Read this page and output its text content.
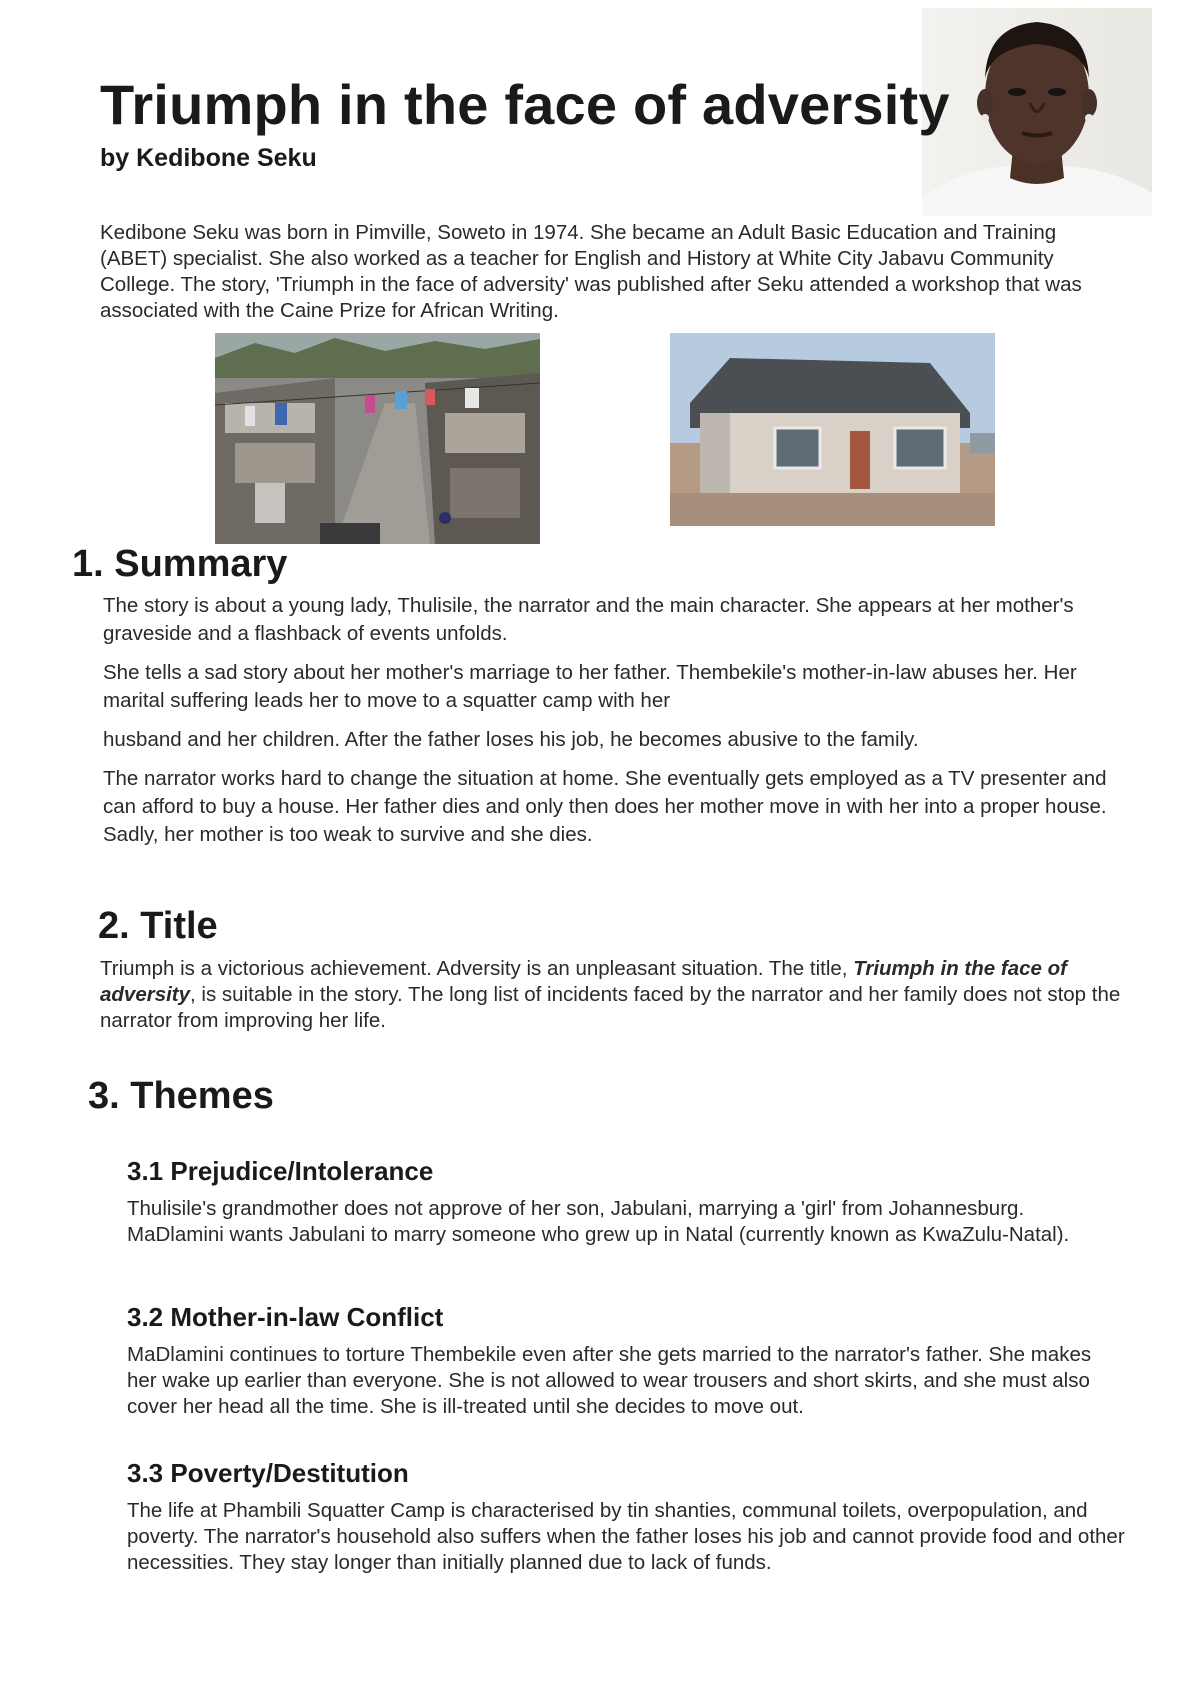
Triumph in the face of adversity
by Kedibone Seku

Kedibone Seku was born in Pimville, Soweto in 1974. She became an Adult Basic Education and Training (ABET) specialist. She also worked as a teacher for English and History at White City Jabavu Community College. The story, 'Triumph in the face of adversity' was published after Seku attended a workshop that was associated with the Caine Prize for African Writing.

1. Summary

The story is about a young lady, Thulisile, the narrator and the main character. She appears at her mother's graveside and a flashback of events unfolds.

She tells a sad story about her mother's marriage to her father. Thembekile's mother-in-law abuses her. Her marital suffering leads her to move to a squatter camp with her

husband and her children. After the father loses his job, he becomes abusive to the family.

The narrator works hard to change the situation at home. She eventually gets employed as a TV presenter and can afford to buy a house. Her father dies and only then does her mother move in with her into a proper house. Sadly, her mother is too weak to survive and she dies.

2. Title

Triumph is a victorious achievement. Adversity is an unpleasant situation. The title, Triumph in the face of adversity, is suitable in the story. The long list of incidents faced by the narrator and her family does not stop the narrator from improving her life.

3. Themes
3.1 Prejudice/Intolerance

Thulisile's grandmother does not approve of her son, Jabulani, marrying a 'girl' from Johannesburg. MaDlamini wants Jabulani to marry someone who grew up in Natal (currently known as KwaZulu-Natal).

3.2 Mother-in-law Conflict

MaDlamini continues to torture Thembekile even after she gets married to the narrator's father. She makes her wake up earlier than everyone. She is not allowed to wear trousers and short skirts, and she must also cover her head all the time. She is ill-treated until she decides to move out.

3.3 Poverty/Destitution

The life at Phambili Squatter Camp is characterised by tin shanties, communal toilets, overpopulation, and poverty. The narrator's household also suffers when the father loses his job and cannot provide food and other necessities. They stay longer than initially planned due to lack of funds.
